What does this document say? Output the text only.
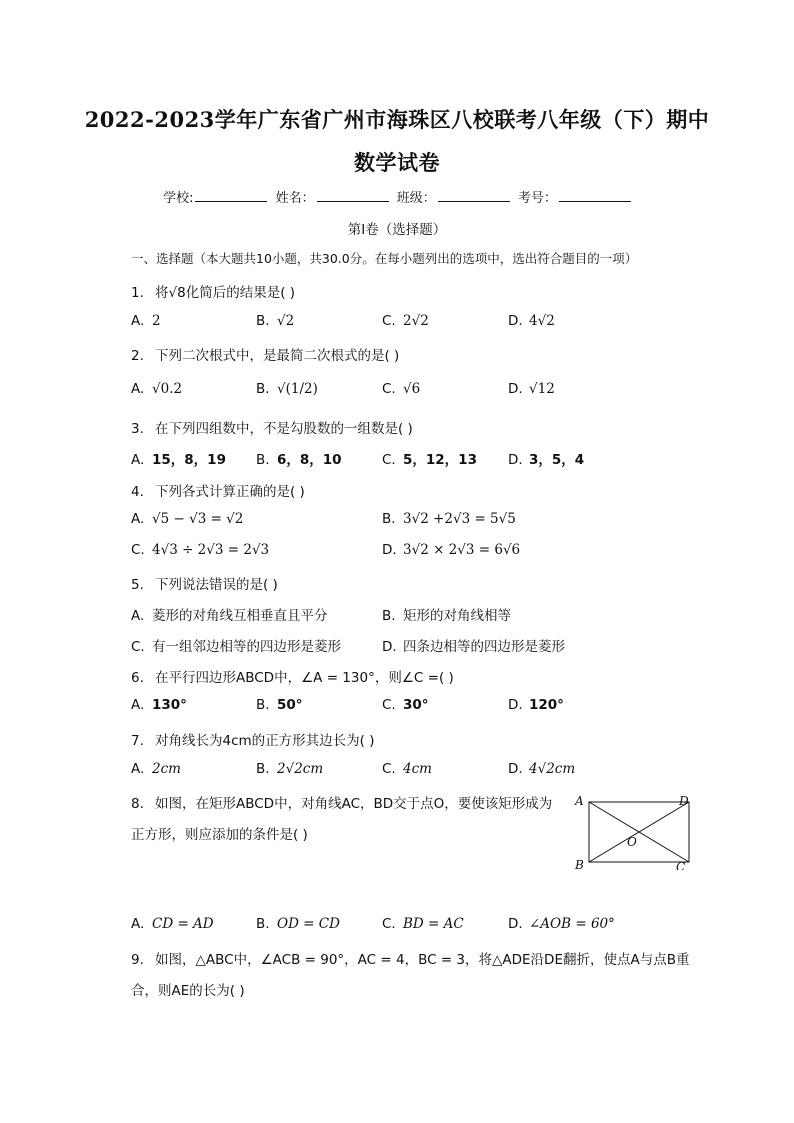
2022-2023学年广东省广州市海珠区八校联考八年级（下）期中
数学试卷
学校:	姓名：	班级：	考号：
第Ⅰ卷（选择题）
一、选择题（本大题共10小题，共30.0分。在每小题列出的选项中，选出符合题目的一项）
1. 将√8化简后的结果是( )
A. 2	B. √2	C. 2√2	D. 4√2
2. 下列二次根式中，是最简二次根式的是( )
A. √0.2	B. √(1/2)	C. √6	D. √12
3. 在下列四组数中，不是勾股数的一组数是( )
A. 15，8，19 B. 6，8，10	C. 5，12，13 D. 3，5，4
4. 下列各式计算正确的是( )
A. √5 − √3 = √2	B. 3√2 +2√3 = 5√5
C. 4√3 ÷ 2√3 = 2√3	D. 3√2 × 2√3 = 6√6
5. 下列说法错误的是( )
A. 菱形的对角线互相垂直且平分	B. 矩形的对角线相等
C. 有一组邻边相等的四边形是菱形	D. 四条边相等的四边形是菱形
6. 在平行四边形ABCD中，∠A = 130°，则∠C =( )
A. 130°	B. 50°	C. 30°	D. 120°
7. 对角线长为4cm的正方形其边长为( )
A. 2cm	B. 2√2cm	C. 4cm	D. 4√2cm
8. 如图，在矩形ABCD中，对角线AC，BD交于点O，要使该矩形成为
正方形，则应添加的条件是( )
A	D
O
B	C
A. CD = AD	B. OD = CD	C. BD = AC	D. ∠AOB = 60°
9. 如图，△ABC中，∠ACB = 90°，AC = 4，BC = 3，将△ADE沿DE翻折，使点A与点B重
合，则AE的长为( )
